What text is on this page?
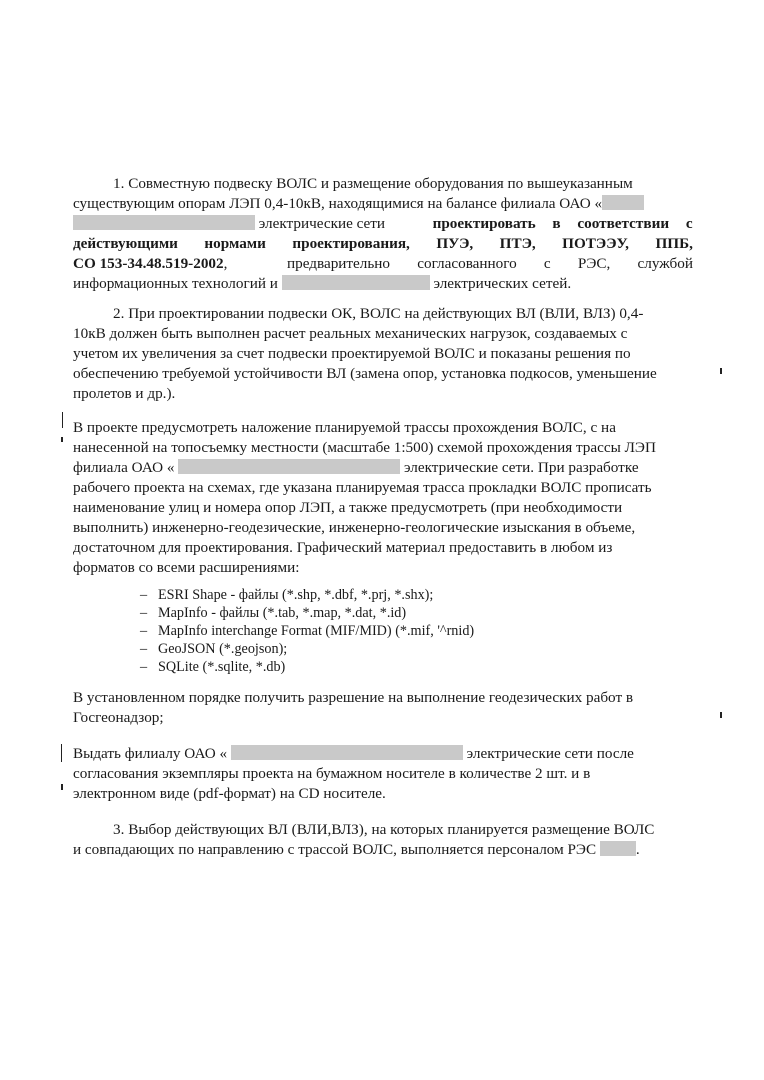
1. Совместную подвеску ВОЛС и размещение оборудования по вышеуказанным
существующим опорам ЛЭП 0,4-10кВ, находящимися на балансе филиала ОАО «
электрические сети	проектировать в соответствии с
действующими нормами проектирования, ПУЭ, ПТЭ, ПОТЭЭУ, ППБ,
СО 153-34.48.519-2002,	предварительно согласованного с РЭС, службой
информационных технологий и	электрических сетей.
2. При проектировании подвески ОК, ВОЛС на действующих ВЛ (ВЛИ, ВЛЗ) 0,4-
10кВ должен быть выполнен расчет реальных механических нагрузок, создаваемых с
учетом их увеличения за счет подвески проектируемой ВОЛС и показаны решения по
обеспечению требуемой устойчивости ВЛ (замена опор, установка подкосов, уменьшение
пролетов и др.).
В проекте предусмотреть наложение планируемой трассы прохождения ВОЛС, с на
нанесенной на топосъемку местности (масштабе 1:500) схемой прохождения трассы ЛЭП
филиала ОАО «	электрические сети. При разработке
рабочего проекта на схемах, где указана планируемая трасса прокладки ВОЛС прописать
наименование улиц и номера опор ЛЭП, а также предусмотреть (при необходимости
выполнить) инженерно-геодезические, инженерно-геологические изыскания в объеме,
достаточном для проектирования. Графический материал предоставить в любом из
форматов со всеми расширениями:
– ESRI Shape - файлы (*.shp, *.dbf, *.prj, *.shx);
– MapInfo - файлы (*.tab, *.map, *.dat, *.id)
– MapInfo interchange Format (MIF/MID) (*.mif, '^rnid)
– GeoJSON (*.geojson);
– SQLite (*.sqlite, *.db)
В установленном порядке получить разрешение на выполнение геодезических работ в
Госгеонадзор;
Выдать филиалу ОАО «	электрические сети после
согласования экземпляры проекта на бумажном носителе в количестве 2 шт. и в
электронном виде (pdf-формат) на CD носителе.
3. Выбор действующих ВЛ (ВЛИ,ВЛЗ), на которых планируется размещение ВОЛС
и совпадающих по направлению с трассой ВОЛС, выполняется персоналом РЭС	.
